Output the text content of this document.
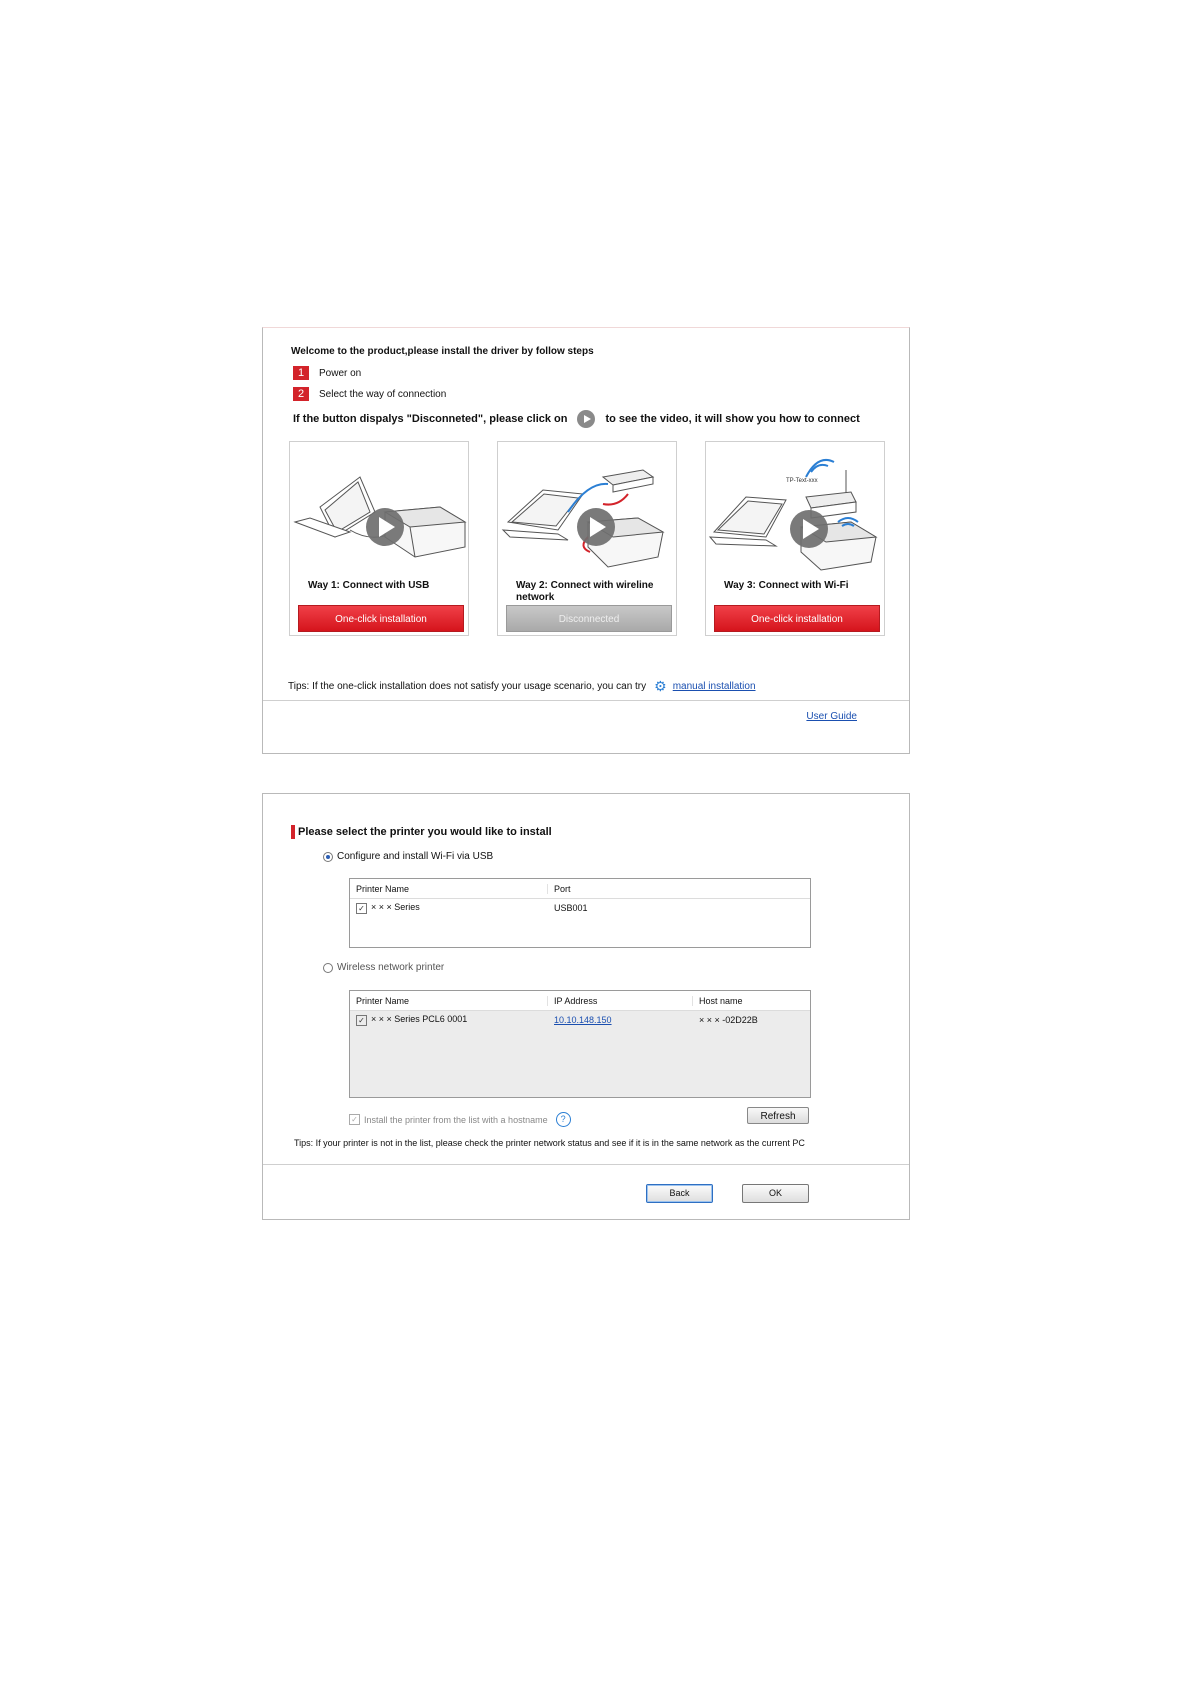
Welcome to the product,please install the driver by follow steps
1	Power on
2	Select the way of connection
If the button dispalys "Disconneted", please click on	to see the video, it will show you how to connect
Way 1: Connect with USB
One-click installation
Way 2: Connect with wireline network
Disconnected
TP-Text-xxx
Way 3: Connect with Wi-Fi
One-click installation
Tips: If the one-click installation does not satisfy your usage scenario, you can try ⚙ manual installation
User Guide
Please select the printer you would like to install
Configure and install Wi-Fi via USB
Printer Name	Port
✓ × × × Series	USB001
Wireless network printer
Printer Name	IP Address	Host name
✓ × × × Series PCL6 0001	10.10.148.150	× × × -02D22B
✓ Install the printer from the list with a hostname	?	Refresh
Tips: If your printer is not in the list, please check the printer network status and see if it is in the same network as the current PC
Back	OK
